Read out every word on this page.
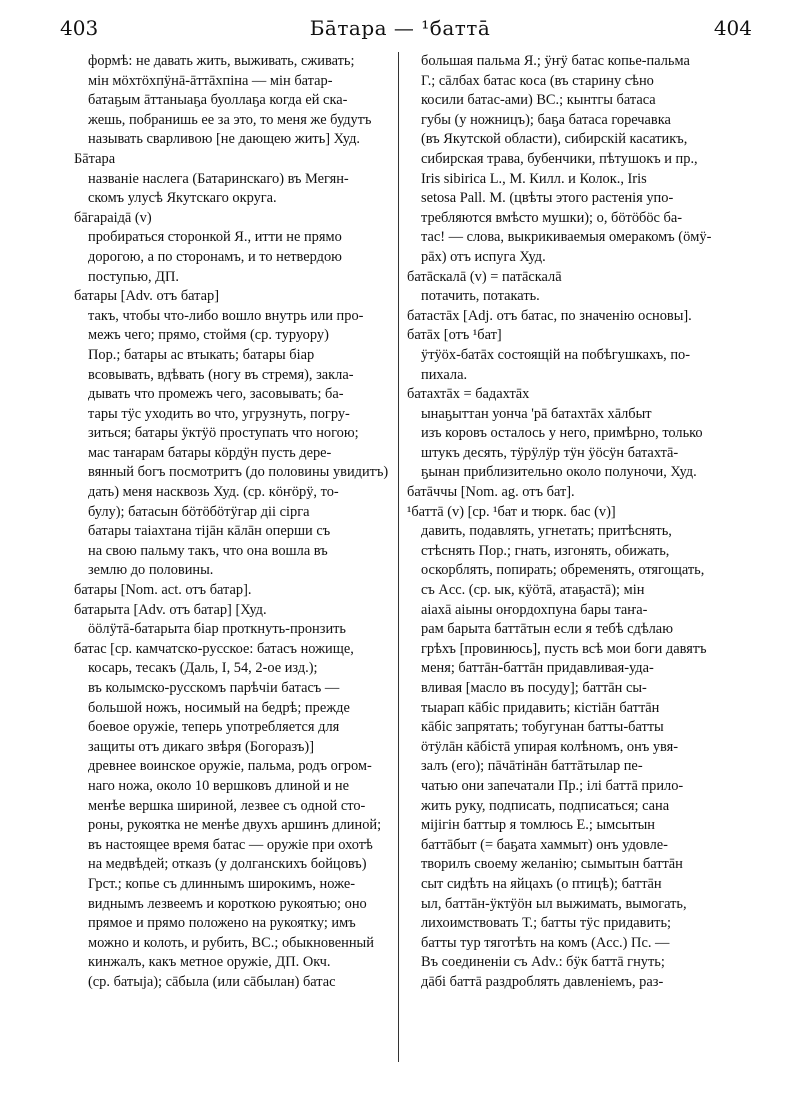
403	Бāтара — ¹баттā	404
формѣ: не давать жить, выживать, сживать;
мін мӧхтӧхпӱнā-āттāхпіна — мін батар-
батаҕым āттаныаҕа буоллаҕа когда ей ска-
жешь, побранишь ее за это, то меня же будутъ
называть сварливою [не дающею жить] Худ.
Бāтара
названіе наслега (Батаринскаго) въ Мегян-
скомъ улусѣ Якутскаго округа.
бāгараідā (v)
пробираться сторонкой Я., итти не прямо
дорогою, а по сторонамъ, и то нетвердою
поступью, ДП.
батары [Adv. отъ батар]
такъ, чтобы что-либо вошло внутрь или про-
межъ чего; прямо, стоймя (ср. туруору)
Пор.; батары ас втыкать; батары біар
всовывать, вдѣвать (ногу въ стремя), закла-
дывать что промежъ чего, засовывать; ба-
тары тӱс уходить во что, угрузнуть, погру-
зиться; батары ӱктӱӧ проступать что ногою;
мас таҥарам батары кӧрдӱн пусть дере-
вянный богъ посмотритъ (до половины увидитъ)
дать) меня насквозь Худ. (ср. кӧҥӧрӱ, то-
булу); батасын бӧтӧбӧтӱгар діі сірга
батары таіахтана тіјāн кāлāн оперши съ
на свою пальму такъ, что она вошла въ
землю до половины.
батары [Nom. act. отъ батар].
батарыта [Adv. отъ батар] [Худ.
ӧӧлӱтā-батарыта біар проткнуть-пронзить
батас [ср. камчатско-русское: батасъ ножище,
косарь, тесакъ (Даль, I, 54, 2-ое изд.);
въ колымско-русскомъ парѣчіи батасъ —
большой ножъ, носимый на бедрѣ; прежде
боевое оружіе, теперь употребляется для
защиты отъ дикаго звѣря (Богоразъ)]
древнее воинское оружіе, пальма, родъ огром-
наго ножа, около 10 вершковъ длиной и не
менѣе вершка шириной, лезвее съ одной сто-
роны, рукоятка не менѣе двухъ аршинъ длиной;
въ настоящее время батас — оружіе при охотѣ
на медвѣдей; отказъ (у долганскихъ бойцовъ)
Грст.; копье съ длиннымъ широкимъ, ноже-
виднымъ лезвеемъ и короткою рукоятью; оно
прямое и прямо положено на рукоятку; имъ
можно и колоть, и рубить, ВС.; обыкновенный
кинжалъ, какъ метное оружіе, ДП. Окч.
(ср. батыја); сāбыла (или сāбылан) батас
большая пальма Я.; ӱҥӱ батас копье-пальма
Г.; сāлбах батас коса (въ старину сѣно
косили батас-ами) ВС.; кынтгы батаса
губы (у ножницъ); баҕа батаса горечавка
(въ Якутской области), сибирскій касатикъ,
сибирская трава, бубенчики, пѣтушокъ и пр.,
Iris sibirica L., М. Килл. и Колок., Iris
setosa Pall. М. (цвѣты этого растенія упо-
требляются вмѣсто мушки); о, бӧтӧбӧс ба-
тас! — слова, выкрикиваемыя омеракомъ (ӧмӱ-
рāх) отъ испуга Худ.
батāскалā (v) = патāскалā
потачить, потакать.
батастāх [Adj. отъ батас, по значенію основы].
батāх [отъ ¹бат]
ӱтӱӧх-батāх состоящій на побѣгушкахъ, по-
пихала.
батахтāх = бадахтāх
ынаҕыттан уонча 'рā батахтāх хāлбыт
изъ коровъ осталось у него, примѣрно, только
штукъ десять, тӱрӱлӱр тӱн ӱӧсӱн батахтā-
ҕынан приблизительно около полуночи, Худ.
батāччы [Nom. ag. отъ бат].
¹баттā (v) [ср. ¹бат и тюрк. бас (v)]
давить, подавлять, угнетать; притѣснять,
стѣснять Пор.; гнать, изгонять, обижать,
оскорблять, попирать; обременять, отягощать,
съ Acc. (ср. ык, кӱӧтā, атаҕастā); мін
аіахā аіыны оҥордохпуна бары таҥа-
рам барыта баттāтын если я тебѣ сдѣлаю
грѣхъ [провинюсь], пусть всѣ мои боги давятъ
меня; баттāн-баттāн придавливая-уда-
вливая [масло въ посуду]; баттāн сы-
тыарап кāбіс придавить; кістіāн баттāн
кāбіс запрятать; тобугунан батты-батты
ӧтӱлāн кāбістā упирая колѣномъ, онъ увя-
залъ (его); пāчāтінāн баттāтылар пе-
чатью они запечатали Пр.; ілі баттā прило-
жить руку, подписать, подписаться; сана
міјігін баттыр я томлюсь Е.; ымсытын
баттāбыт (= баҕата хаммыт) онъ удовле-
творилъ своему желанію; сымытын баттāн
сыт сидѣть на яйцахъ (о птицѣ); баттāн
ыл, баттāн-ӱктӱӧн ыл выжимать, вымогать,
лихоимствовать Т.; батты тӱс придавить;
батты тур тяготѣть на комъ (Acc.) Пс. —
Въ соединеніи съ Adv.: бӱк баттā гнуть;
дāбі баттā раздроблять давленіемъ, раз-
